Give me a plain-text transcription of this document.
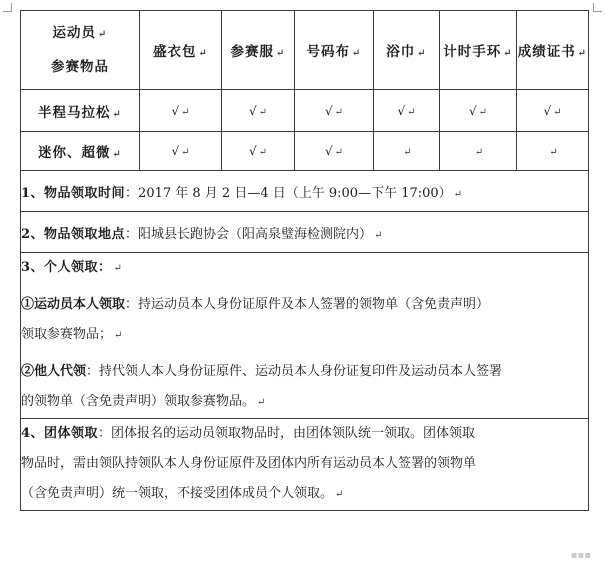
运动员 ↵
参赛物品	盛衣包 ↵	参赛服 ↵	号码布 ↵	浴巾 ↵	计时手环 ↵	成绩证书 ↵
半程马拉松 ↵	√ ↵	√ ↵	√ ↵	√ ↵	√ ↵	√ ↵
迷你、超微 ↵	√ ↵	√ ↵	√ ↵	↵	↵	↵
1、物品领取时间：2017 年 8 月 2 日—4 日（上午 9:00—下午 17:00） ↵						
2、物品领取地点：阳城县长跑协会（阳高泉璧海检测院内） ↵						

3、个人领取： ↵

①运动员本人领取：持运动员本人身份证原件及本人签署的领物单（含免责声明）

领取参赛物品； ↵

②他人代领：持代领人本人身份证原件、运动员本人身份证复印件及运动员本人签署

的领物单（含免责声明）领取参赛物品。 ↵						

4、团体领取：团体报名的运动员领取物品时，由团体领队统一领取。团体领取

物品时，需由领队持领队本人身份证原件及团体内所有运动员本人签署的领物单

（含免责声明）统一领取，不接受团体成员个人领取。 ↵						

▪▪▪
